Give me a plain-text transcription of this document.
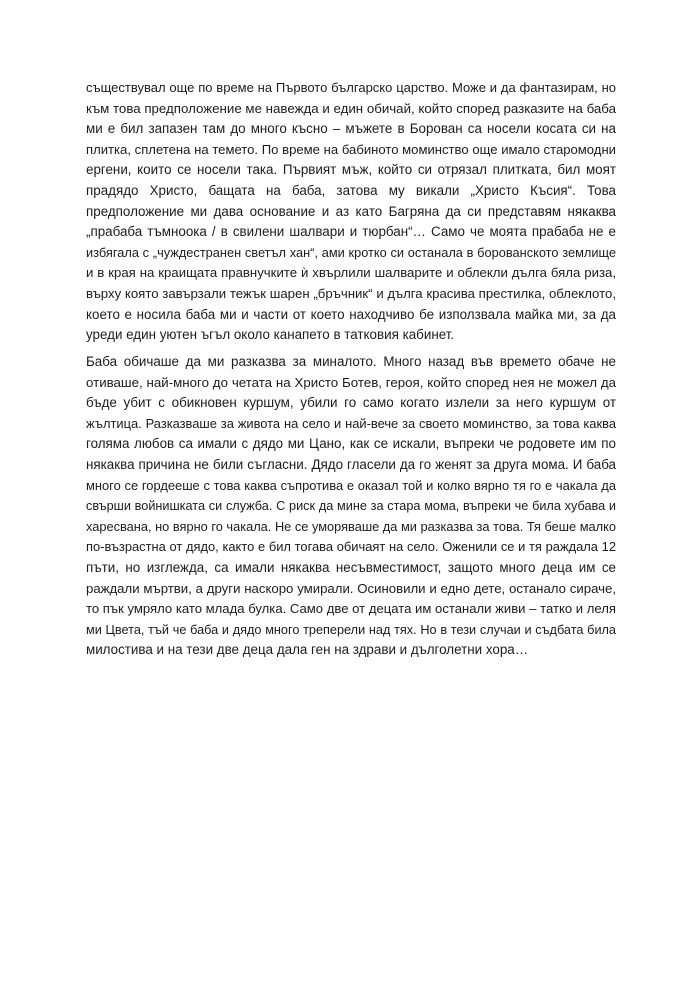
съществувал още по време на Първото българско царство. Може и да фантазирам, но
към това предположение ме навежда и един обичай, който според разказите на баба
ми е бил запазен там до много късно – мъжете в Борован са носели косата си на
плитка, сплетена на темето. По време на бабиното моминство още имало старомодни
ергени, които се носели така. Първият мъж, който си отрязал плитката, бил моят
прадядо Христо, бащата на баба, затова му викали „Христо Късия“. Това
предположение ми дава основание и аз като Багряна да си представям някаква
„прабаба тъмноока / в свилени шалвари и тюрбан“… Само че моята прабаба не е
избягала с „чуждестранен светъл хан“, ами кротко си останала в борованското землище
и в края на краищата правнучките ѝ хвърлили шалварите и облекли дълга бяла риза,
върху която завързали тежък шарен „бръчник“ и дълга красива престилка, облеклото,
което е носила баба ми и части от което находчиво бе използвала майка ми, за да
уреди един уютен ъгъл около канапето в татковия кабинет.
Баба обичаше да ми разказва за миналото. Много назад във времето обаче не
отиваше, най-много до четата на Христо Ботев, героя, който според нея не можел да
бъде убит с обикновен куршум, убили го само когато излели за него куршум от
жълтица. Разказваше за живота на село и най-вече за своето моминство, за това каква
голяма любов са имали с дядо ми Цано, как се искали, въпреки че родовете им по
някаква причина не били съгласни. Дядо гласели да го женят за друга мома. И баба
много се гордееше с това каква съпротива е оказал той и колко вярно тя го е чакала да
свърши войнишката си служба. С риск да мине за стара мома, въпреки че била хубава и
харесвана, но вярно го чакала. Не се уморяваше да ми разказва за това. Тя беше малко
по-възрастна от дядо, както е бил тогава обичаят на село. Оженили се и тя раждала 12
пъти, но изглежда, са имали някаква несъвместимост, защото много деца им се
раждали мъртви, а други наскоро умирали. Осиновили и едно дете, останало сираче,
то пък умряло като млада булка. Само две от децата им останали живи – татко и леля
ми Цвета, тъй че баба и дядо много треперели над тях. Но в тези случаи и съдбата била
милостива и на тези две деца дала ген на здрави и дълголетни хора…
